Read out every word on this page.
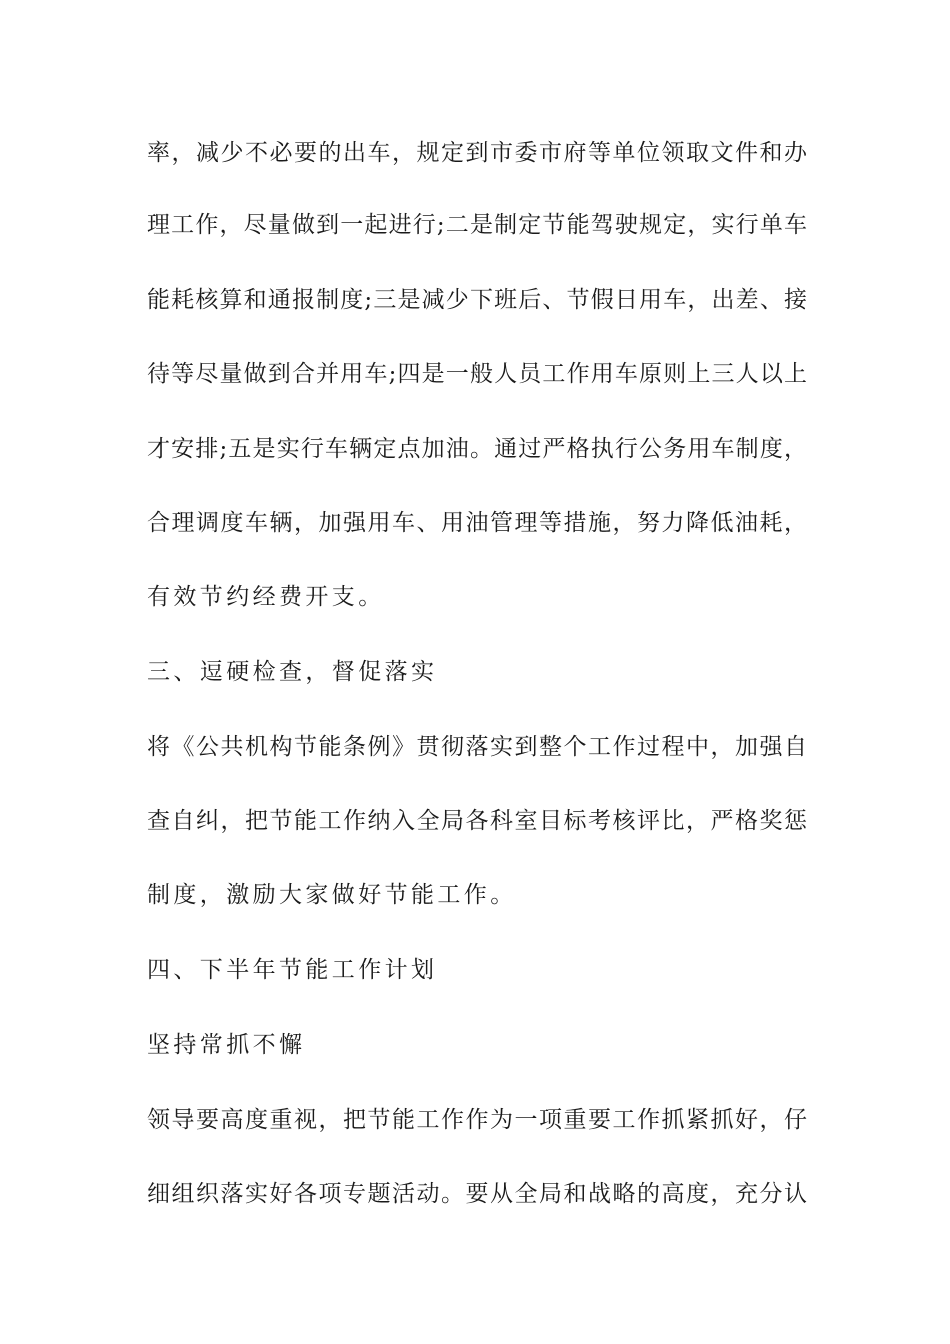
率，减少不必要的出车，规定到市委市府等单位领取文件和办
理工作，尽量做到一起进行;二是制定节能驾驶规定，实行单车
能耗核算和通报制度;三是减少下班后、节假日用车，出差、接
待等尽量做到合并用车;四是一般人员工作用车原则上三人以上
才安排;五是实行车辆定点加油。通过严格执行公务用车制度，
合理调度车辆，加强用车、用油管理等措施，努力降低油耗，
有效节约经费开支。
三、逗硬检查，督促落实
将《公共机构节能条例》贯彻落实到整个工作过程中，加强自
查自纠，把节能工作纳入全局各科室目标考核评比，严格奖惩
制度，激励大家做好节能工作。
四、下半年节能工作计划
坚持常抓不懈
领导要高度重视，把节能工作作为一项重要工作抓紧抓好，仔
细组织落实好各项专题活动。要从全局和战略的高度，充分认
